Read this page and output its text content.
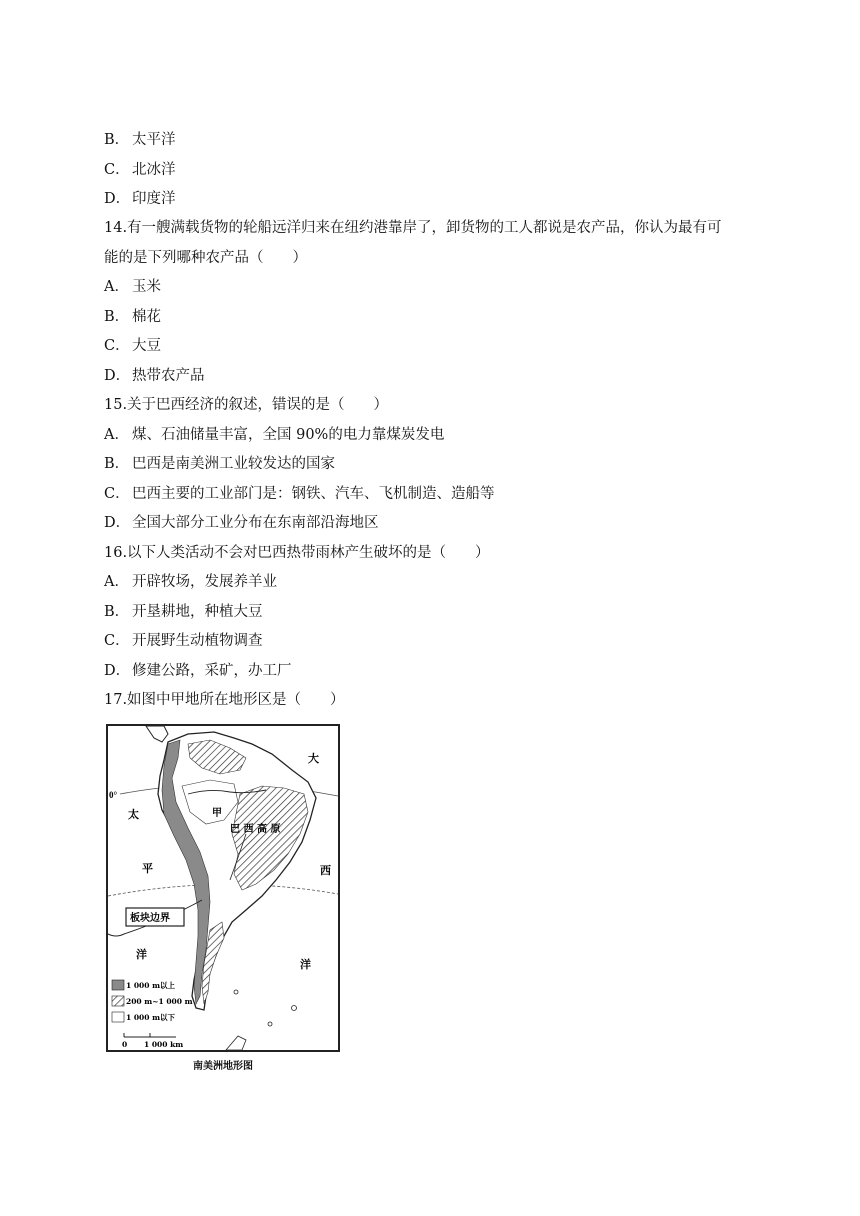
B． 太平洋
C． 北冰洋
D． 印度洋
14.有一艘满载货物的轮船远洋归来在纽约港靠岸了，卸货物的工人都说是农产品，你认为最有可
能的是下列哪种农产品（　　）
A． 玉米
B． 棉花
C． 大豆
D． 热带农产品
15.关于巴西经济的叙述，错误的是（　　）
A． 煤、石油储量丰富，全国 90%的电力靠煤炭发电
B． 巴西是南美洲工业较发达的国家
C． 巴西主要的工业部门是：钢铁、汽车、飞机制造、造船等
D． 全国大部分工业分布在东南部沿海地区
16.以下人类活动不会对巴西热带雨林产生破坏的是（　　）
A． 开辟牧场，发展养羊业
B． 开垦耕地，种植大豆
C． 开展野生动植物调查
D． 修建公路，采矿，办工厂
17.如图中甲地所在地形区是（　　）
0°
甲
巴 西 高 原
太
平
洋
大
西
洋
板块边界
1 000 m以上
200 m~1 000 m
1 000 m以下
0 1 000 km
南美洲地形图
